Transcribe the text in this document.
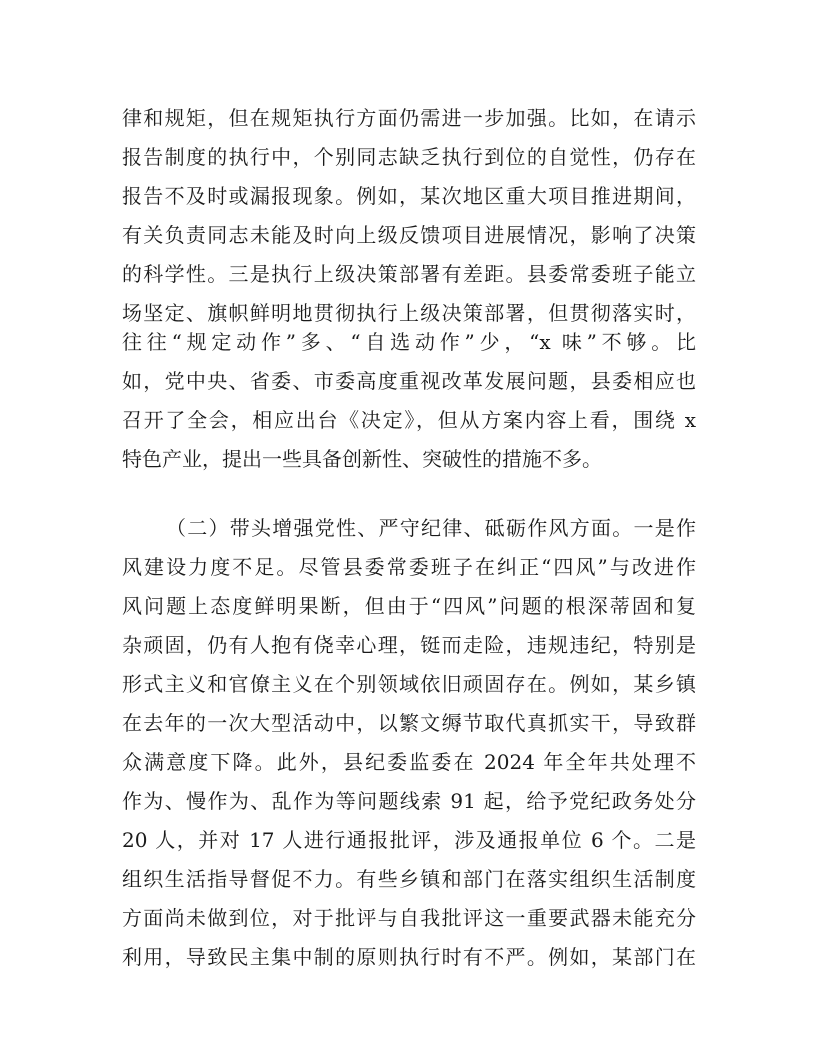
律和规矩，但在规矩执行方面仍需进一步加强。比如，在请示
报告制度的执行中，个别同志缺乏执行到位的自觉性，仍存在
报告不及时或漏报现象。例如，某次地区重大项目推进期间，
有关负责同志未能及时向上级反馈项目进展情况，影响了决策
的科学性。三是执行上级决策部署有差距。县委常委班子能立
场坚定、旗帜鲜明地贯彻执行上级决策部署，但贯彻落实时，
往往“规定动作”多、“自选动作”少，“x 味”不够。比
如，党中央、省委、市委高度重视改革发展问题，县委相应也
召开了全会，相应出台《决定》，但从方案内容上看，围绕 x
特色产业，提出一些具备创新性、突破性的措施不多。
（二）带头增强党性、严守纪律、砥砺作风方面。一是作
风建设力度不足。尽管县委常委班子在纠正“四风”与改进作
风问题上态度鲜明果断，但由于“四风”问题的根深蒂固和复
杂顽固，仍有人抱有侥幸心理，铤而走险，违规违纪，特别是
形式主义和官僚主义在个别领域依旧顽固存在。例如，某乡镇
在去年的一次大型活动中，以繁文缛节取代真抓实干，导致群
众满意度下降。此外，县纪委监委在 2024 年全年共处理不
作为、慢作为、乱作为等问题线索 91 起，给予党纪政务处分
20 人，并对 17 人进行通报批评，涉及通报单位 6 个。二是
组织生活指导督促不力。有些乡镇和部门在落实组织生活制度
方面尚未做到位，对于批评与自我批评这一重要武器未能充分
利用，导致民主集中制的原则执行时有不严。例如，某部门在
